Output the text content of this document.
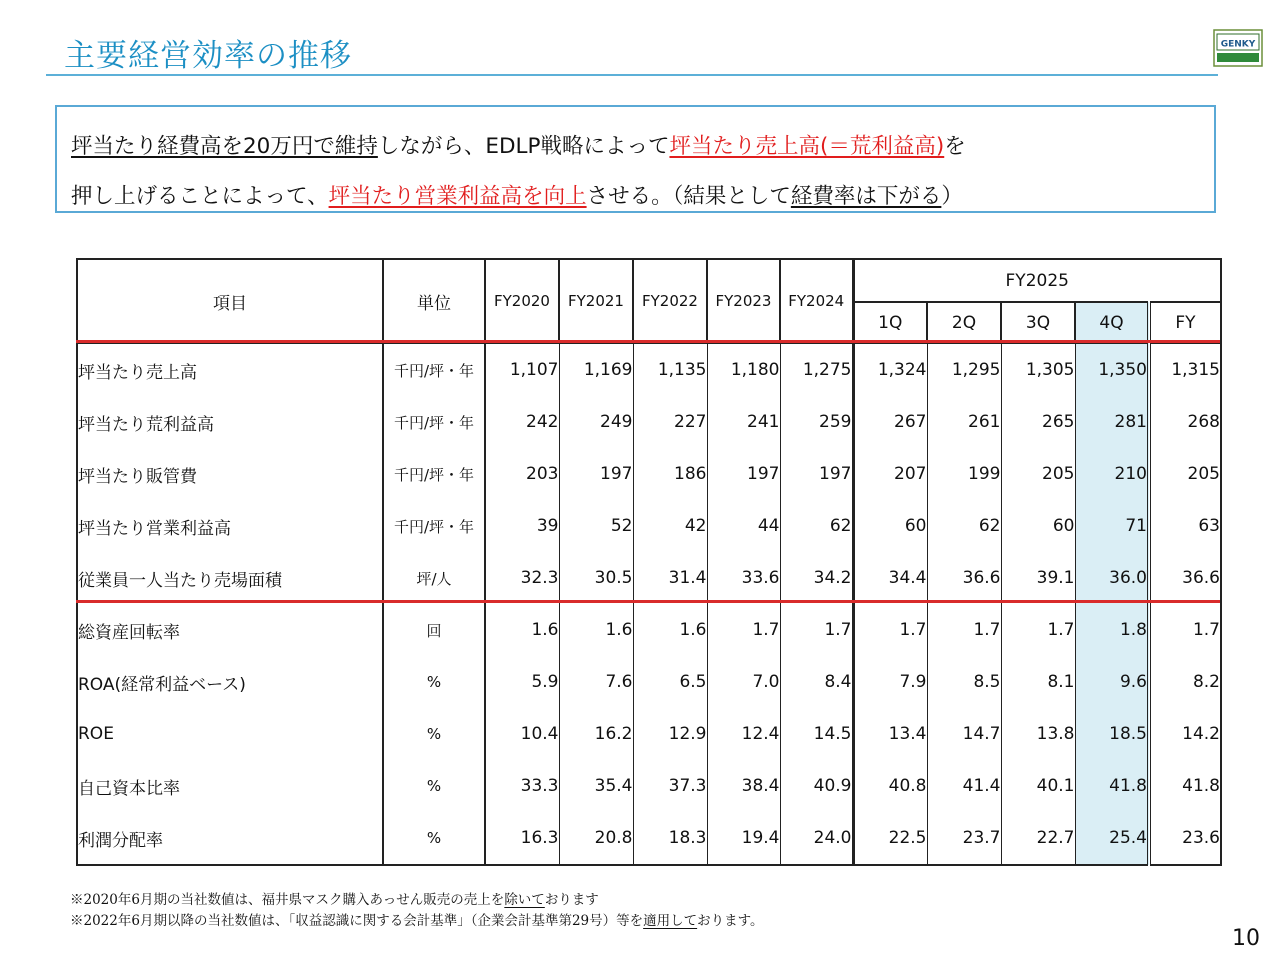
主要経営効率の推移	GENKY
坪当たり経費高を20万円で維持しながら、EDLP戦略によって坪当たり売上高(＝荒利益高)を
押し上げることによって、坪当たり営業利益高を向上させる。（結果として経費率は下がる）
項目	単位	FY2020	FY2021	FY2022	FY2023	FY2024	FY2025				
							1Q	2Q	3Q	4Q	FY
坪当たり売上高	千円/坪・年	1,107	1,169	1,135	1,180	1,275	1,324	1,295	1,305	1,350	1,315
坪当たり荒利益高	千円/坪・年	242	249	227	241	259	267	261	265	281	268
坪当たり販管費	千円/坪・年	203	197	186	197	197	207	199	205	210	205
坪当たり営業利益高	千円/坪・年	39	52	42	44	62	60	62	60	71	63
従業員一人当たり売場面積	坪/人	32.3	30.5	31.4	33.6	34.2	34.4	36.6	39.1	36.0	36.6
総資産回転率	回	1.6	1.6	1.6	1.7	1.7	1.7	1.7	1.7	1.8	1.7
ROA(経常利益ベース)	%	5.9	7.6	6.5	7.0	8.4	7.9	8.5	8.1	9.6	8.2
ROE	%	10.4	16.2	12.9	12.4	14.5	13.4	14.7	13.8	18.5	14.2
自己資本比率	%	33.3	35.4	37.3	38.4	40.9	40.8	41.4	40.1	41.8	41.8
利潤分配率	%	16.3	20.8	18.3	19.4	24.0	22.5	23.7	22.7	25.4	23.6
※2020年6月期の当社数値は、福井県マスク購入あっせん販売の売上を除いております
※2022年6月期以降の当社数値は、「収益認識に関する会計基準」（企業会計基準第29号）等を適用しております。
10
